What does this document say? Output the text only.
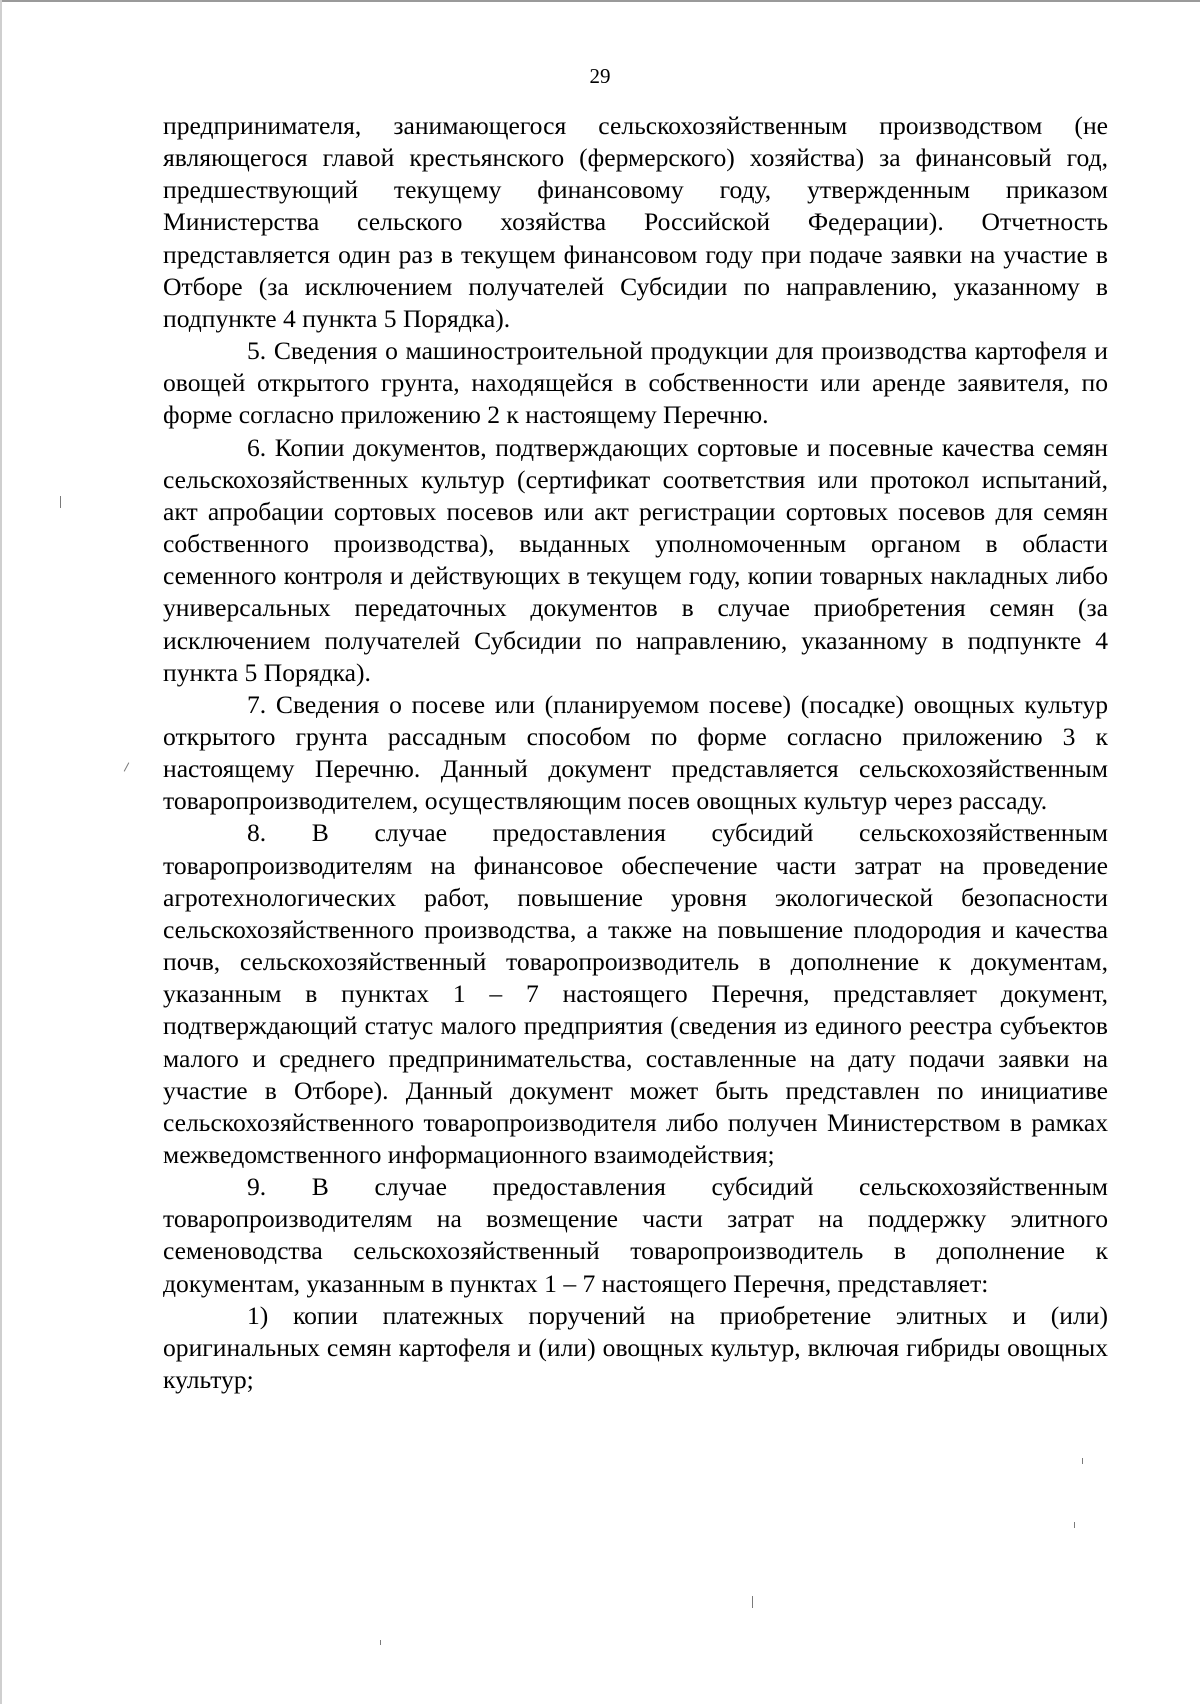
29

предпринимателя, занимающегося сельскохозяйственным производством (не являющегося главой крестьянского (фермерского) хозяйства) за финансовый год, предшествующий текущему финансовому году, утвержденным приказом Министерства сельского хозяйства Российской Федерации). Отчетность представляется один раз в текущем финансовом году при подаче заявки на участие в Отборе (за исключением получателей Субсидии по направлению, указанному в подпункте 4 пункта 5 Порядка).

5. Сведения о машиностроительной продукции для производства картофеля и овощей открытого грунта, находящейся в собственности или аренде заявителя, по форме согласно приложению 2 к настоящему Перечню.

6. Копии документов, подтверждающих сортовые и посевные качества семян сельскохозяйственных культур (сертификат соответствия или протокол испытаний, акт апробации сортовых посевов или акт регистрации сортовых посевов для семян собственного производства), выданных уполномоченным органом в области семенного контроля и действующих в текущем году, копии товарных накладных либо универсальных передаточных документов в случае приобретения семян (за исключением получателей Субсидии по направлению, указанному в подпункте 4 пункта 5 Порядка).

7. Сведения о посеве или (планируемом посеве) (посадке) овощных культур открытого грунта рассадным способом по форме согласно приложению 3 к настоящему Перечню. Данный документ представляется сельскохозяйственным товаропроизводителем, осуществляющим посев овощных культур через рассаду.

8. В случае предоставления субсидий сельскохозяйственным товаропроизводителям на финансовое обеспечение части затрат на проведение агротехнологических работ, повышение уровня экологической безопасности сельскохозяйственного производства, а также на повышение плодородия и качества почв, сельскохозяйственный товаропроизводитель в дополнение к документам, указанным в пунктах 1 – 7 настоящего Перечня, представляет документ, подтверждающий статус малого предприятия (сведения из единого реестра субъектов малого и среднего предпринимательства, составленные на дату подачи заявки на участие в Отборе). Данный документ может быть представлен по инициативе сельскохозяйственного товаропроизводителя либо получен Министерством в рамках межведомственного информационного взаимодействия;

9. В случае предоставления субсидий сельскохозяйственным товаропроизводителям на возмещение части затрат на поддержку элитного семеноводства сельскохозяйственный товаропроизводитель в дополнение к документам, указанным в пунктах 1 – 7 настоящего Перечня, представляет:

1) копии платежных поручений на приобретение элитных и (или) оригинальных семян картофеля и (или) овощных культур, включая гибриды овощных культур;
